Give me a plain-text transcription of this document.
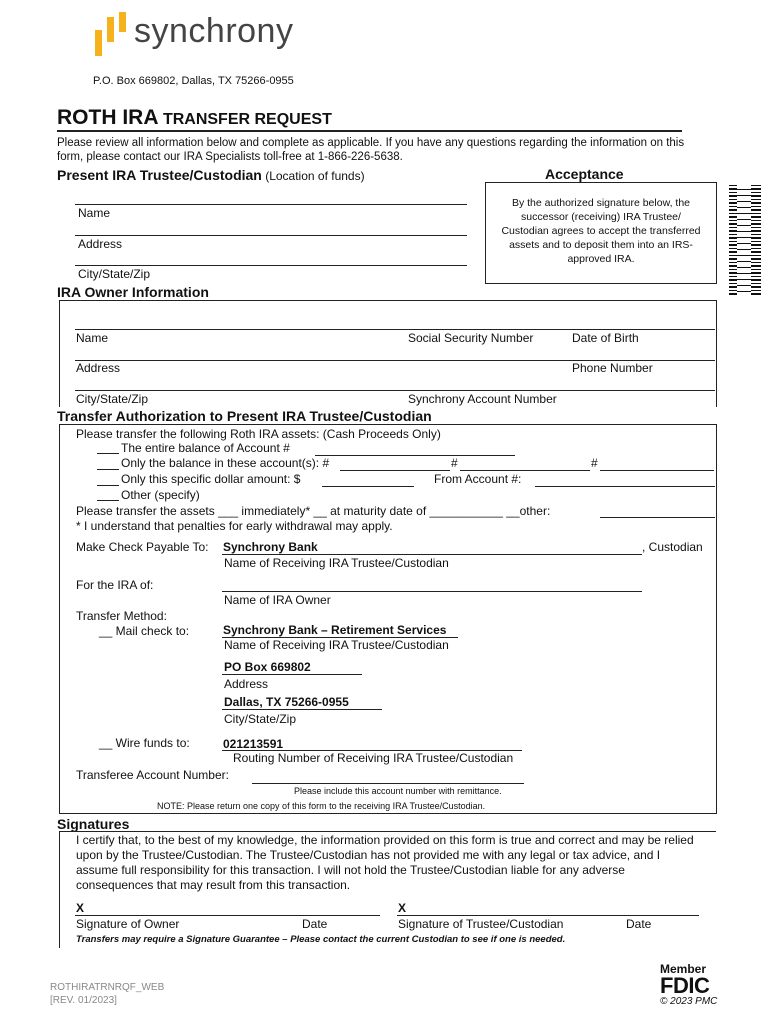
synchrony
P.O. Box 669802, Dallas, TX 75266-0955
ROTH IRA TRANSFER REQUEST
Please review all information below and complete as applicable. If you have any questions regarding the information on this form, please contact our IRA Specialists toll-free at 1-866-226-5638.
Present IRA Trustee/Custodian (Location of funds)
Name
Address
City/State/Zip
Acceptance
By the authorized signature below, the successor (receiving) IRA Trustee/ Custodian agrees to accept the transferred assets and to deposit them into an IRS-approved IRA.
IRA Owner Information
Name	Social Security Number	Date of Birth
Address	Phone Number
City/State/Zip	Synchrony Account Number
Transfer Authorization to Present IRA Trustee/Custodian
Please transfer the following Roth IRA assets: (Cash Proceeds Only)
The entire balance of Account #
Only the balance in these account(s): #	#	#
Only this specific dollar amount: $	From Account #:
Other (specify)
Please transfer the assets ___ immediately* __ at maturity date of ___________ __other:
* I understand that penalties for early withdrawal may apply.
Make Check Payable To: Synchrony Bank	, Custodian
Name of Receiving IRA Trustee/Custodian
For the IRA of:
Name of IRA Owner
Transfer Method:
__ Mail check to:	Synchrony Bank – Retirement Services
Name of Receiving IRA Trustee/Custodian
PO Box 669802
Address
Dallas, TX 75266-0955
City/State/Zip
__ Wire funds to:	021213591
Routing Number of Receiving IRA Trustee/Custodian
Transferee Account Number:
Please include this account number with remittance.
NOTE: Please return one copy of this form to the receiving IRA Trustee/Custodian.
Signatures
I certify that, to the best of my knowledge, the information provided on this form is true and correct and may be relied upon by the Trustee/Custodian. The Trustee/Custodian has not provided me with any legal or tax advice, and I assume full responsibility for this transaction. I will not hold the Trustee/Custodian liable for any adverse consequences that may result from this transaction.
X
Signature of Owner	Date
X
Signature of Trustee/Custodian	Date
Transfers may require a Signature Guarantee – Please contact the current Custodian to see if one is needed.
ROTHIRATRNRQF_WEB
[REV. 01/2023]
Member
FDIC
© 2023 PMC
